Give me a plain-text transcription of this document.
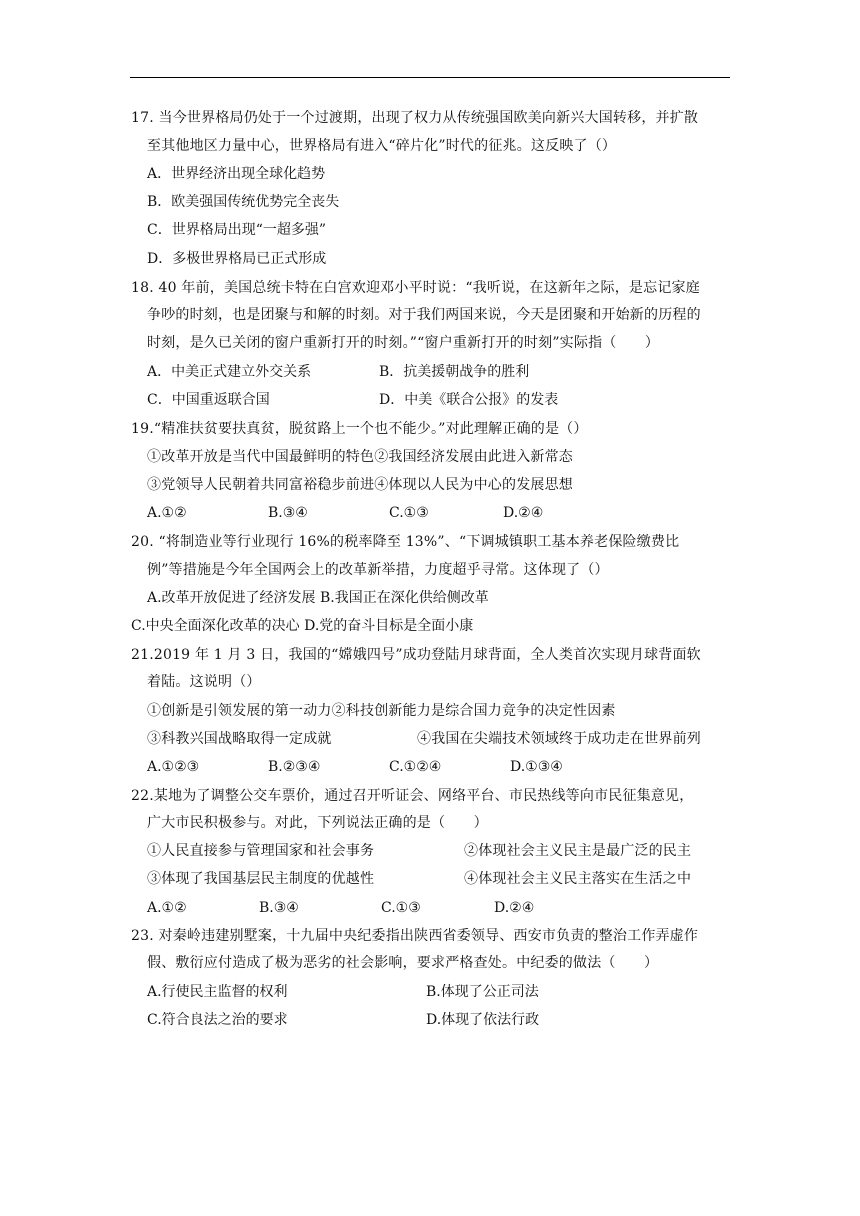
17. 当今世界格局仍处于一个过渡期，出现了权力从传统强国欧美向新兴大国转移，并扩散
至其他地区力量中心，世界格局有进入“碎片化”时代的征兆。这反映了（）
A．世界经济出现全球化趋势
B．欧美强国传统优势完全丧失
C．世界格局出现“一超多强”
D．多极世界格局已正式形成
18. 40 年前，美国总统卡特在白宫欢迎邓小平时说：“我听说，在这新年之际，是忘记家庭
争吵的时刻，也是团聚与和解的时刻。对于我们两国来说，今天是团聚和开始新的历程的
时刻，是久已关闭的窗户重新打开的时刻。”“窗户重新打开的时刻”实际指（　　）
A．中美正式建立外交关系	B．抗美援朝战争的胜利
C．中国重返联合国	D．中美《联合公报》的发表
19.“精准扶贫要扶真贫，脱贫路上一个也不能少。”对此理解正确的是（）
①改革开放是当代中国最鲜明的特色②我国经济发展由此进入新常态
③党领导人民朝着共同富裕稳步前进④体现以人民为中心的发展思想
A.①②	B.③④	C.①③	D.②④
20. “将制造业等行业现行 16%的税率降至 13%”、“下调城镇职工基本养老保险缴费比
例”等措施是今年全国两会上的改革新举措，力度超乎寻常。这体现了（）
A.改革开放促进了经济发展 B.我国正在深化供给侧改革
C.中央全面深化改革的决心 D.党的奋斗目标是全面小康
21.2019 年 1 月 3 日，我国的“嫦娥四号”成功登陆月球背面，全人类首次实现月球背面软
着陆。这说明（）
①创新是引领发展的第一动力②科技创新能力是综合国力竞争的决定性因素
③科教兴国战略取得一定成就	④我国在尖端技术领域终于成功走在世界前列
A.①②③	B.②③④	C.①②④	D.①③④
22.某地为了调整公交车票价，通过召开听证会、网络平台、市民热线等向市民征集意见，
广大市民积极参与。对此，下列说法正确的是（　　）
①人民直接参与管理国家和社会事务	②体现社会主义民主是最广泛的民主
③体现了我国基层民主制度的优越性	④体现社会主义民主落实在生活之中
A.①②	B.③④	C.①③	D.②④
23. 对秦岭违建别墅案，十九届中央纪委指出陕西省委领导、西安市负责的整治工作弄虚作
假、敷衍应付造成了极为恶劣的社会影响，要求严格查处。中纪委的做法（　　）
A.行使民主监督的权利	B.体现了公正司法
C.符合良法之治的要求	D.体现了依法行政
